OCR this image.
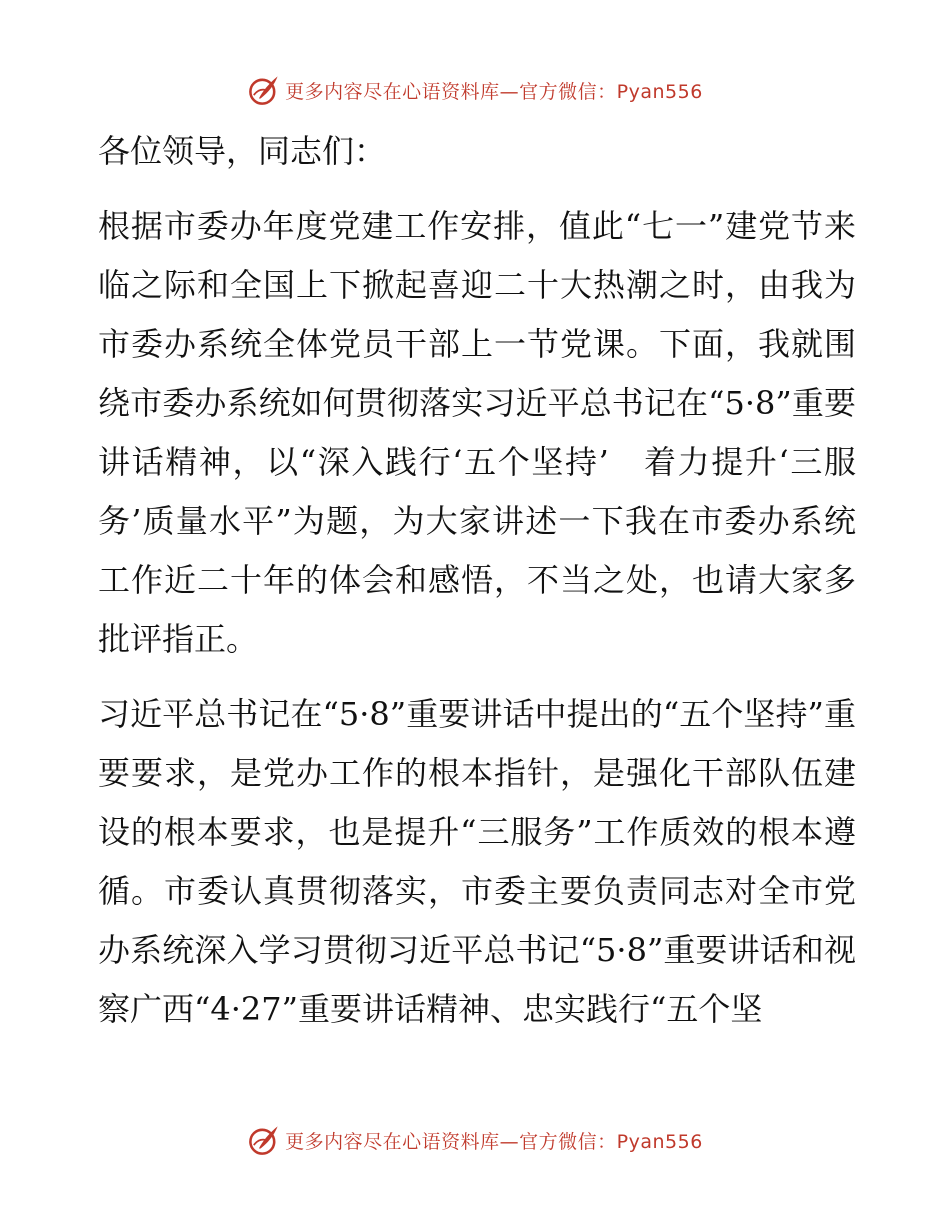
更多内容尽在心语资料库—官方微信：Pyan556

各位领导，同志们：

根据市委办年度党建工作安排，值此“七一”建党节来临之际和全国上下掀起喜迎二十大热潮之时，由我为市委办系统全体党员干部上一节党课。下面，我就围绕市委办系统如何贯彻落实习近平总书记在“5·8”重要讲话精神，以“深入践行‘五个坚持’　着力提升‘三服务’质量水平”为题，为大家讲述一下我在市委办系统工作近二十年的体会和感悟，不当之处，也请大家多批评指正。

习近平总书记在“5·8”重要讲话中提出的“五个坚持”重要要求，是党办工作的根本指针，是强化干部队伍建设的根本要求，也是提升“三服务”工作质效的根本遵循。市委认真贯彻落实，市委主要负责同志对全市党办系统深入学习贯彻习近平总书记“5·8”重要讲话和视察广西“4·27”重要讲话精神、忠实践行“五个坚

更多内容尽在心语资料库—官方微信：Pyan556
